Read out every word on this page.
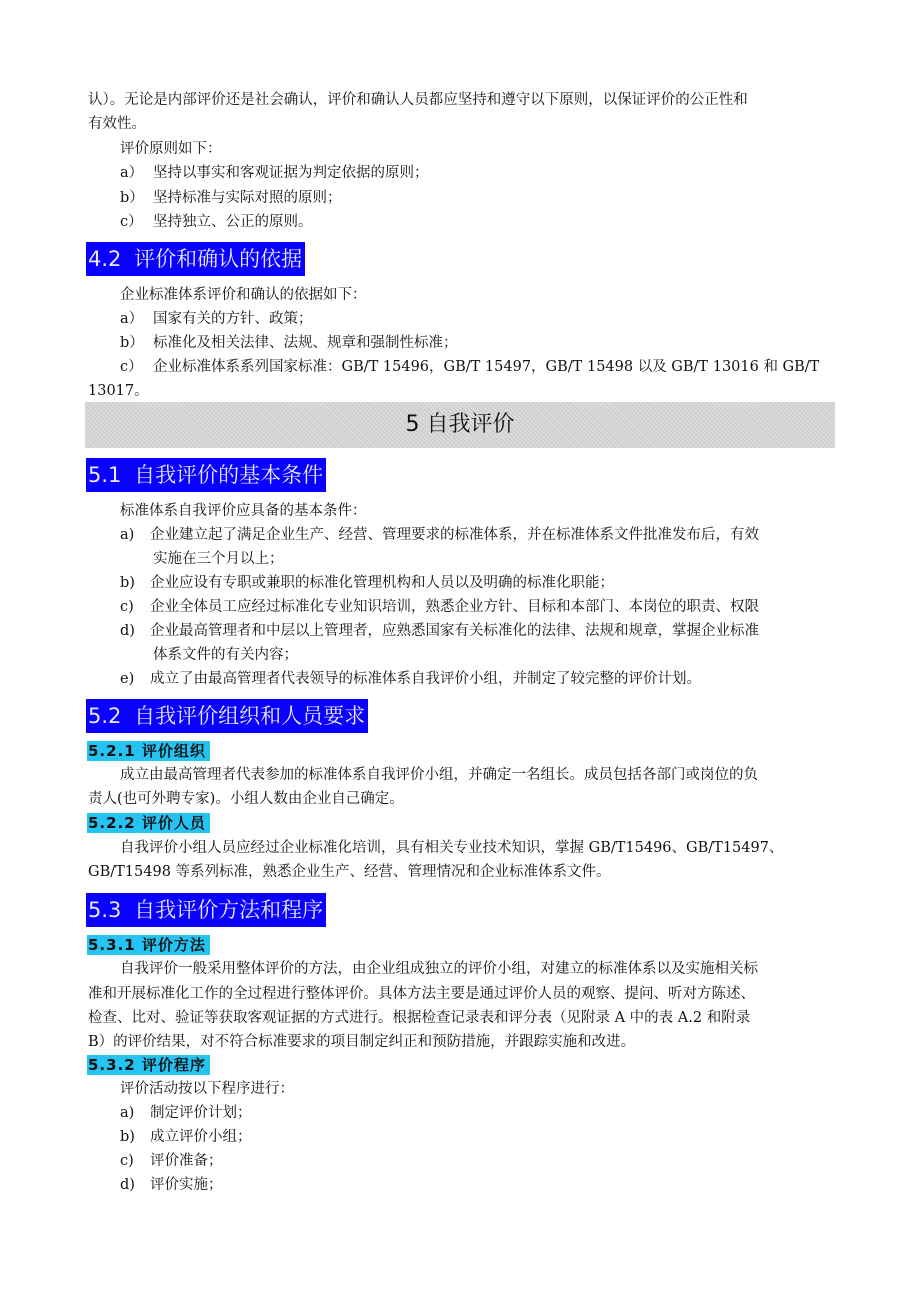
认）。无论是内部评价还是社会确认，评价和确认人员都应坚持和遵守以下原则，以保证评价的公正性和
有效性。
评价原则如下：
a） 坚持以事实和客观证据为判定依据的原则；
b） 坚持标准与实际对照的原则；
c） 坚持独立、公正的原则。
4.2 评价和确认的依据
企业标准体系评价和确认的依据如下：
a） 国家有关的方针、政策；
b） 标准化及相关法律、法规、规章和强制性标准；
c） 企业标准体系系列国家标准：GB/T 15496，GB/T 15497，GB/T 15498 以及 GB/T 13016 和 GB/T
13017。
5 自我评价
5.1 自我评价的基本条件
标准体系自我评价应具备的基本条件：
a) 企业建立起了满足企业生产、经营、管理要求的标准体系，并在标准体系文件批准发布后，有效
实施在三个月以上；
b) 企业应设有专职或兼职的标准化管理机构和人员以及明确的标准化职能；
c) 企业全体员工应经过标准化专业知识培训，熟悉企业方针、目标和本部门、本岗位的职责、权限
d) 企业最高管理者和中层以上管理者，应熟悉国家有关标准化的法律、法规和规章，掌握企业标准
体系文件的有关内容；
e) 成立了由最高管理者代表领导的标准体系自我评价小组，并制定了较完整的评价计划。
5.2 自我评价组织和人员要求
5.2.1 评价组织
成立由最高管理者代表参加的标准体系自我评价小组，并确定一名组长。成员包括各部门或岗位的负
责人(也可外聘专家)。小组人数由企业自己确定。
5.2.2 评价人员
自我评价小组人员应经过企业标准化培训，具有相关专业技术知识，掌握 GB/T15496、GB/T15497、
GB/T15498 等系列标准，熟悉企业生产、经营、管理情况和企业标准体系文件。
5.3 自我评价方法和程序
5.3.1 评价方法
自我评价一般采用整体评价的方法，由企业组成独立的评价小组，对建立的标准体系以及实施相关标
准和开展标准化工作的全过程进行整体评价。具体方法主要是通过评价人员的观察、提问、听对方陈述、
检查、比对、验证等获取客观证据的方式进行。根据检查记录表和评分表（见附录 A 中的表 A.2 和附录
B）的评价结果，对不符合标准要求的项目制定纠正和预防措施，并跟踪实施和改进。
5.3.2 评价程序
评价活动按以下程序进行：
a) 制定评价计划；
b) 成立评价小组；
c) 评价准备；
d) 评价实施；
